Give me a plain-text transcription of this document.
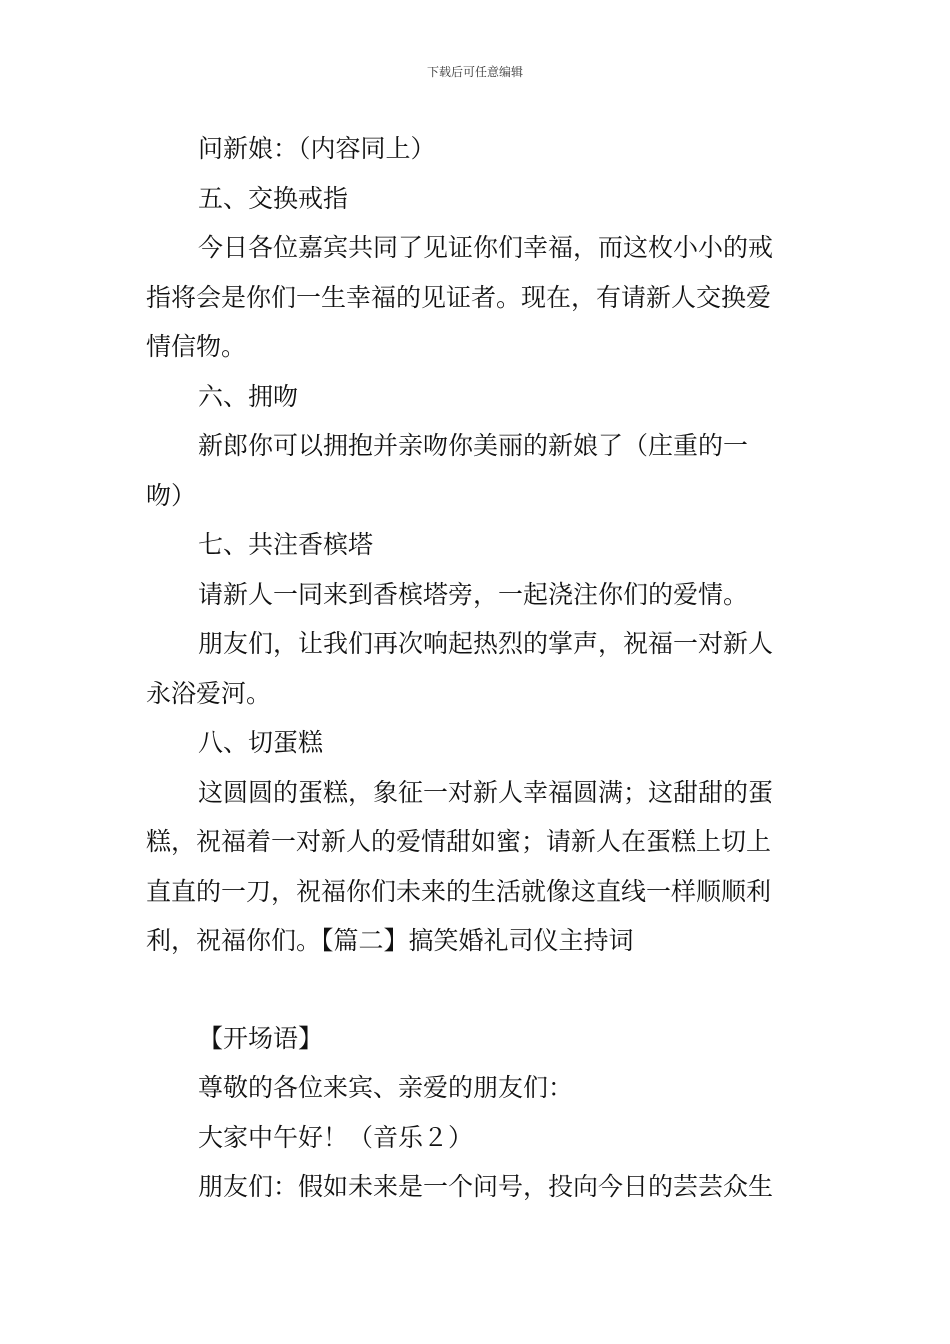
下载后可任意编辑

问新娘：（内容同上）

五、交换戒指

今日各位嘉宾共同了见证你们幸福，而这枚小小的戒

指将会是你们一生幸福的见证者。现在，有请新人交换爱

情信物。

六、拥吻

新郎你可以拥抱并亲吻你美丽的新娘了（庄重的一

吻）

七、共注香槟塔

请新人一同来到香槟塔旁，一起浇注你们的爱情。

朋友们，让我们再次响起热烈的掌声，祝福一对新人

永浴爱河。

八、切蛋糕

这圆圆的蛋糕，象征一对新人幸福圆满；这甜甜的蛋

糕，祝福着一对新人的爱情甜如蜜；请新人在蛋糕上切上

直直的一刀，祝福你们未来的生活就像这直线一样顺顺利

利，祝福你们。【篇二】搞笑婚礼司仪主持词

【开场语】

尊敬的各位来宾、亲爱的朋友们：

大家中午好！（音乐２）

朋友们：假如未来是一个问号，投向今日的芸芸众生
